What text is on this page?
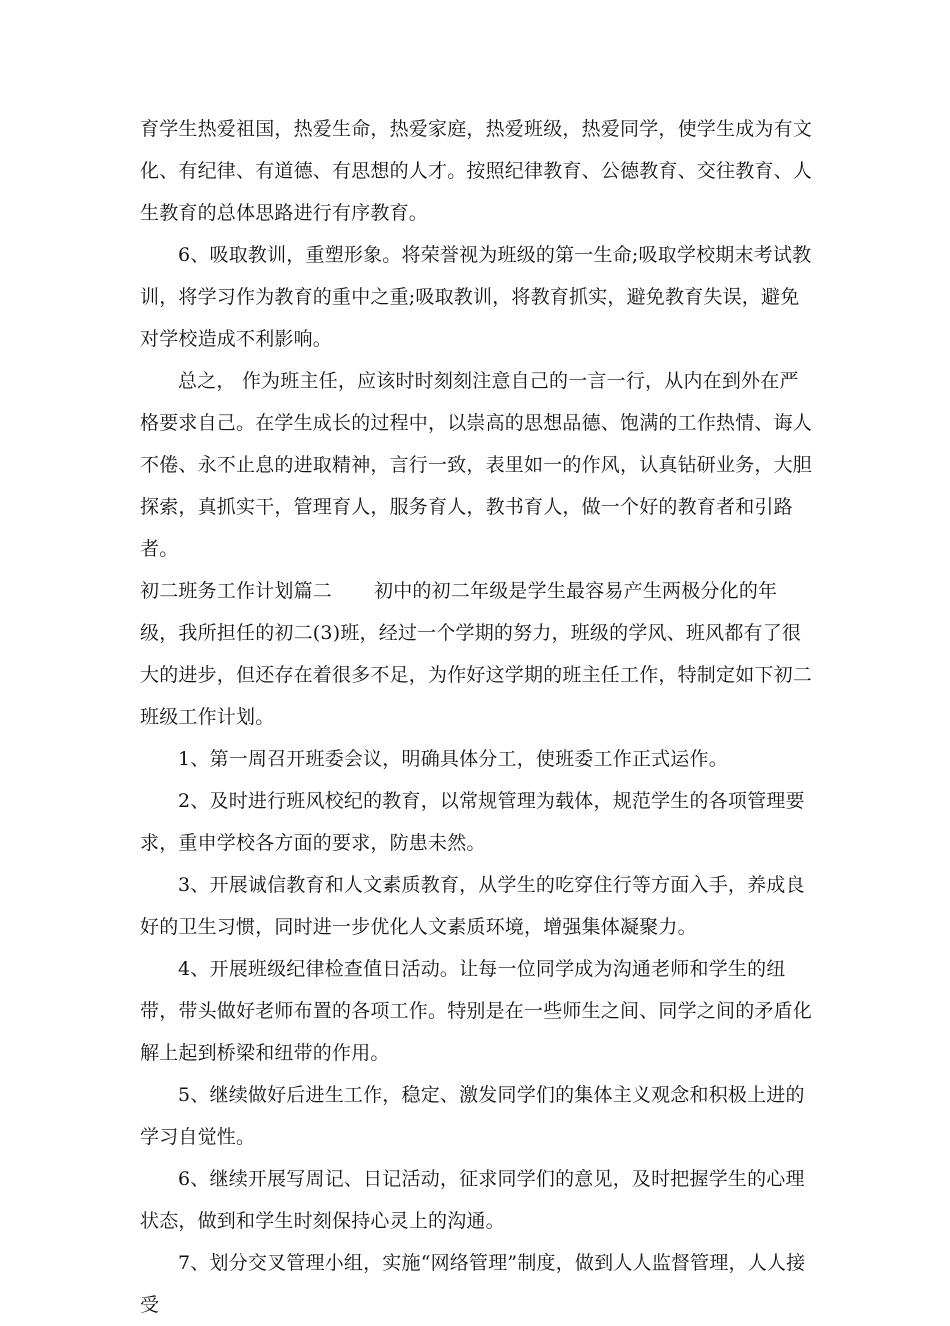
育学生热爱祖国，热爱生命，热爱家庭，热爱班级，热爱同学，使学生成为有文化、有纪律、有道德、有思想的人才。按照纪律教育、公德教育、交往教育、人生教育的总体思路进行有序教育。

6、吸取教训，重塑形象。将荣誉视为班级的第一生命;吸取学校期末考试教训，将学习作为教育的重中之重;吸取教训，将教育抓实，避免教育失误，避免对学校造成不利影响。

总之， 作为班主任，应该时时刻刻注意自己的一言一行，从内在到外在严格要求自己。在学生成长的过程中，以崇高的思想品德、饱满的工作热情、诲人不倦、永不止息的进取精神，言行一致，表里如一的作风，认真钻研业务，大胆探索，真抓实干，管理育人，服务育人，教书育人，做一个好的教育者和引路者。

初二班务工作计划篇二 初中的初二年级是学生最容易产生两极分化的年级，我所担任的初二(3)班，经过一个学期的努力，班级的学风、班风都有了很大的进步，但还存在着很多不足，为作好这学期的班主任工作，特制定如下初二班级工作计划。

1、第一周召开班委会议，明确具体分工，使班委工作正式运作。

2、及时进行班风校纪的教育，以常规管理为载体，规范学生的各项管理要求，重申学校各方面的要求，防患未然。

3、开展诚信教育和人文素质教育，从学生的吃穿住行等方面入手，养成良好的卫生习惯，同时进一步优化人文素质环境，增强集体凝聚力。

4、开展班级纪律检查值日活动。让每一位同学成为沟通老师和学生的纽带，带头做好老师布置的各项工作。特别是在一些师生之间、同学之间的矛盾化解上起到桥梁和纽带的作用。

5、继续做好后进生工作，稳定、激发同学们的集体主义观念和积极上进的学习自觉性。

6、继续开展写周记、日记活动，征求同学们的意见，及时把握学生的心理状态，做到和学生时刻保持心灵上的沟通。

7、划分交叉管理小组，实施“网络管理”制度，做到人人监督管理，人人接受
